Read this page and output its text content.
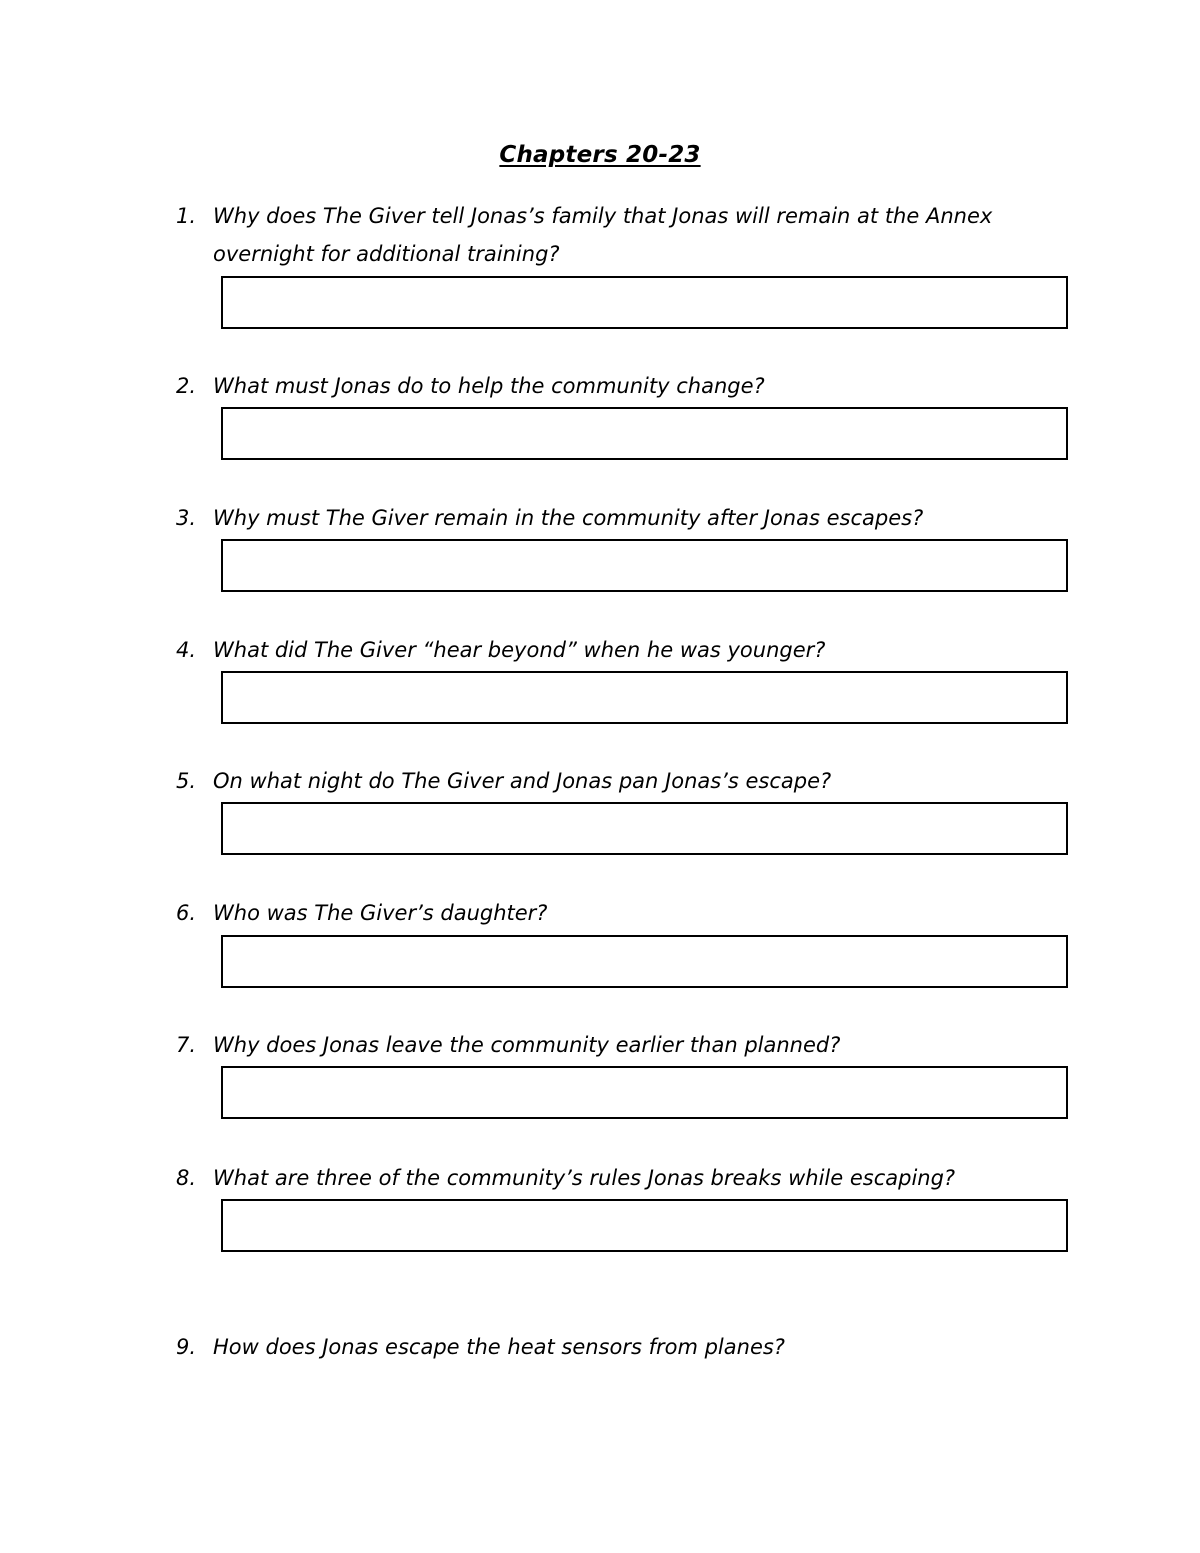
Chapters 20-23
1. Why does The Giver tell Jonas’s family that Jonas will remain at the Annex overnight for additional training?
2. What must Jonas do to help the community change?
3. Why must The Giver remain in the community after Jonas escapes?
4. What did The Giver “hear beyond” when he was younger?
5. On what night do The Giver and Jonas pan Jonas’s escape?
6. Who was The Giver’s daughter?
7. Why does Jonas leave the community earlier than planned?
8. What are three of the community’s rules Jonas breaks while escaping?
9. How does Jonas escape the heat sensors from planes?
